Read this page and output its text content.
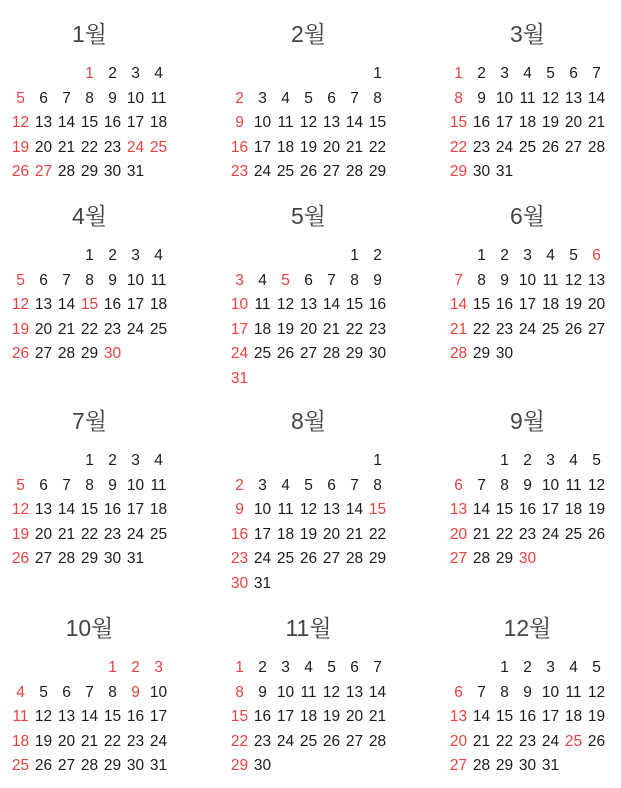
1월
1 2 3 4
5 6 7 8 9 10 11
12 13 14 15 16 17 18
19 20 21 22 23 24 25
26 27 28 29 30 31
2월
1
2 3 4 5 6 7 8
9 10 11 12 13 14 15
16 17 18 19 20 21 22
23 24 25 26 27 28 29
3월
1 2 3 4 5 6 7
8 9 10 11 12 13 14
15 16 17 18 19 20 21
22 23 24 25 26 27 28
29 30 31
4월
1 2 3 4
5 6 7 8 9 10 11
12 13 14 15 16 17 18
19 20 21 22 23 24 25
26 27 28 29 30
5월
1 2
3 4 5 6 7 8 9
10 11 12 13 14 15 16
17 18 19 20 21 22 23
24 25 26 27 28 29 30
31
6월
1 2 3 4 5 6
7 8 9 10 11 12 13
14 15 16 17 18 19 20
21 22 23 24 25 26 27
28 29 30
7월
1 2 3 4
5 6 7 8 9 10 11
12 13 14 15 16 17 18
19 20 21 22 23 24 25
26 27 28 29 30 31
8월
1
2 3 4 5 6 7 8
9 10 11 12 13 14 15
16 17 18 19 20 21 22
23 24 25 26 27 28 29
30 31
9월
1 2 3 4 5
6 7 8 9 10 11 12
13 14 15 16 17 18 19
20 21 22 23 24 25 26
27 28 29 30
10월
1 2 3
4 5 6 7 8 9 10
11 12 13 14 15 16 17
18 19 20 21 22 23 24
25 26 27 28 29 30 31
11월
1 2 3 4 5 6 7
8 9 10 11 12 13 14
15 16 17 18 19 20 21
22 23 24 25 26 27 28
29 30
12월
1 2 3 4 5
6 7 8 9 10 11 12
13 14 15 16 17 18 19
20 21 22 23 24 25 26
27 28 29 30 31
